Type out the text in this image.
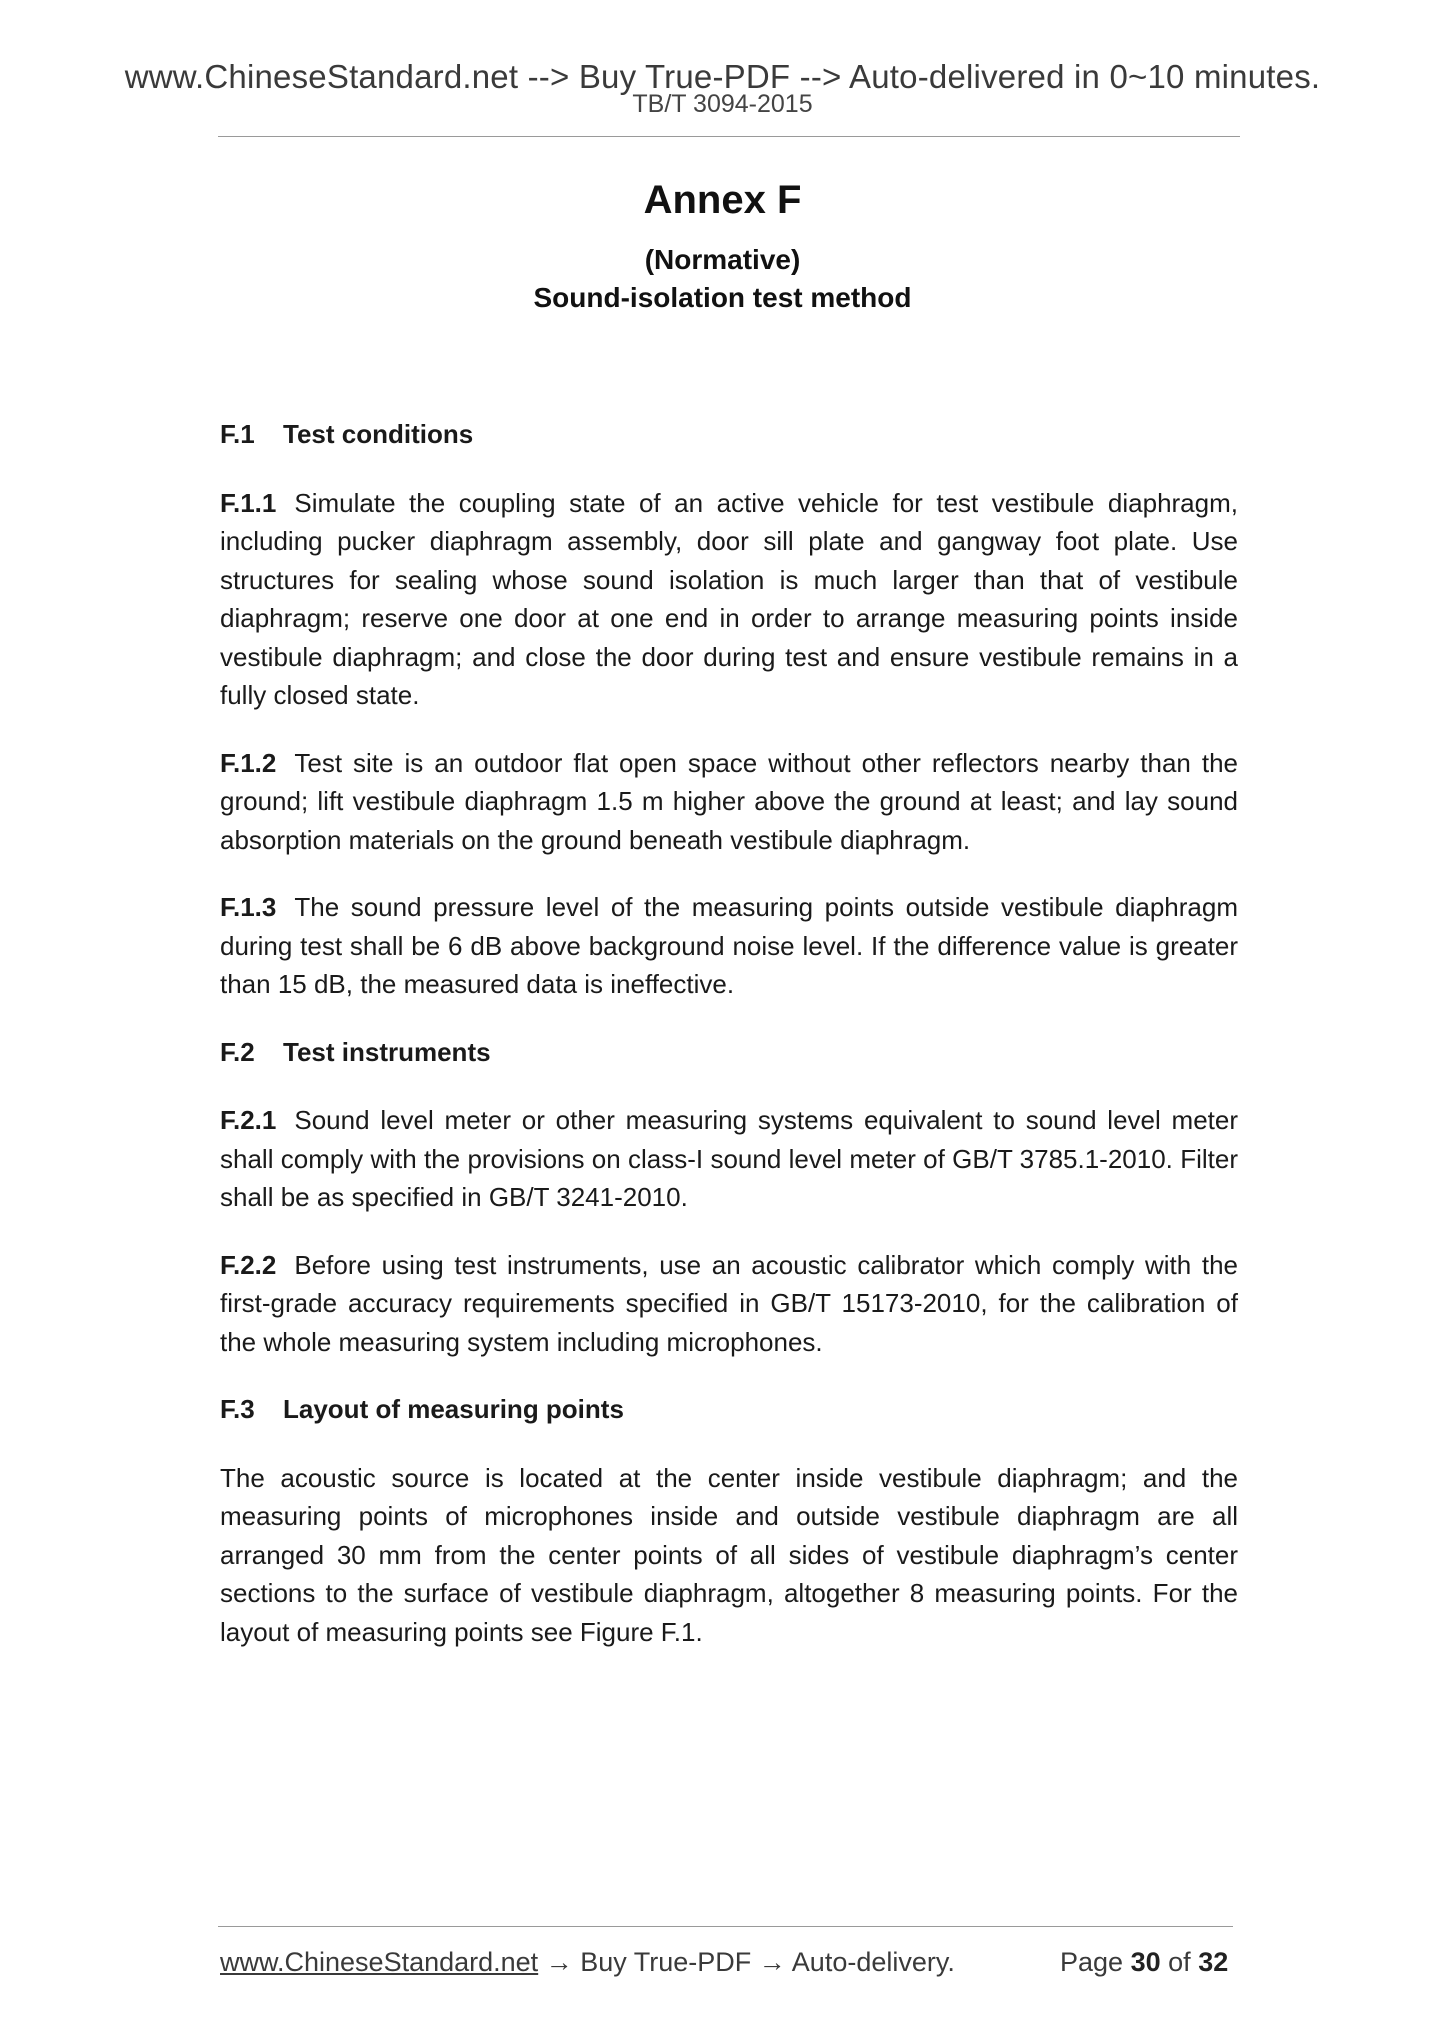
www.ChineseStandard.net --> Buy True-PDF --> Auto-delivered in 0~10 minutes.
TB/T 3094-2015
Annex F
(Normative)
Sound-isolation test method
F.1 Test conditions

F.1.1 Simulate the coupling state of an active vehicle for test vestibule diaphragm, including pucker diaphragm assembly, door sill plate and gangway foot plate. Use structures for sealing whose sound isolation is much larger than that of vestibule diaphragm; reserve one door at one end in order to arrange measuring points inside vestibule diaphragm; and close the door during test and ensure vestibule remains in a fully closed state.

F.1.2 Test site is an outdoor flat open space without other reflectors nearby than the ground; lift vestibule diaphragm 1.5 m higher above the ground at least; and lay sound absorption materials on the ground beneath vestibule diaphragm.

F.1.3 The sound pressure level of the measuring points outside vestibule diaphragm during test shall be 6 dB above background noise level. If the difference value is greater than 15 dB, the measured data is ineffective.

F.2 Test instruments

F.2.1 Sound level meter or other measuring systems equivalent to sound level meter shall comply with the provisions on class-I sound level meter of GB/T 3785.1-2010. Filter shall be as specified in GB/T 3241-2010.

F.2.2 Before using test instruments, use an acoustic calibrator which comply with the first-grade accuracy requirements specified in GB/T 15173-2010, for the calibration of the whole measuring system including microphones.

F.3 Layout of measuring points

The acoustic source is located at the center inside vestibule diaphragm; and the measuring points of microphones inside and outside vestibule diaphragm are all arranged 30 mm from the center points of all sides of vestibule diaphragm’s center sections to the surface of vestibule diaphragm, altogether 8 measuring points. For the layout of measuring points see Figure F.1.

www.ChineseStandard.net → Buy True-PDF → Auto-delivery.	Page 30 of 32
